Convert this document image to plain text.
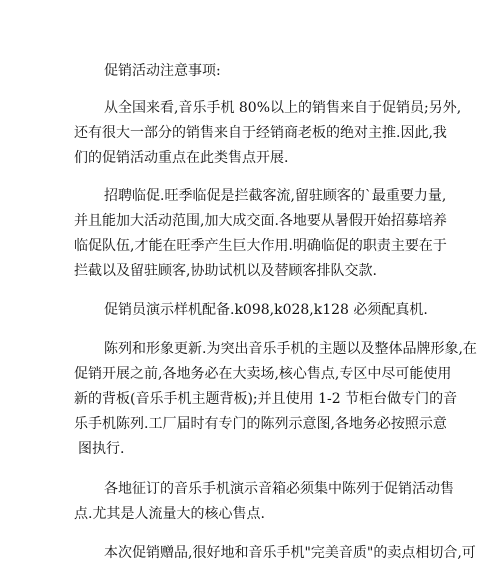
促销活动注意事项:
从全国来看,音乐手机 80%以上的销售来自于促销员;另外,
还有很大一部分的销售来自于经销商老板的绝对主推.因此,我
们的促销活动重点在此类售点开展.
招聘临促.旺季临促是拦截客流,留驻顾客的`最重要力量,
并且能加大活动范围,加大成交面.各地要从暑假开始招募培养
临促队伍,才能在旺季产生巨大作用.明确临促的职责主要在于
拦截以及留驻顾客,协助试机以及替顾客排队交款.
促销员演示样机配备.k098,k028,k128 必须配真机.
陈列和形象更新.为突出音乐手机的主题以及整体品牌形象,在
促销开展之前,各地务必在大卖场,核心售点,专区中尽可能使用
新的背板(音乐手机主题背板);并且使用 1-2 节柜台做专门的音
乐手机陈列.工厂届时有专门的陈列示意图,各地务必按照示意
图执行.
各地征订的音乐手机演示音箱必须集中陈列于促销活动售
点.尤其是人流量大的核心售点.
本次促销赠品,很好地和音乐手机"完美音质"的卖点相切合,可
